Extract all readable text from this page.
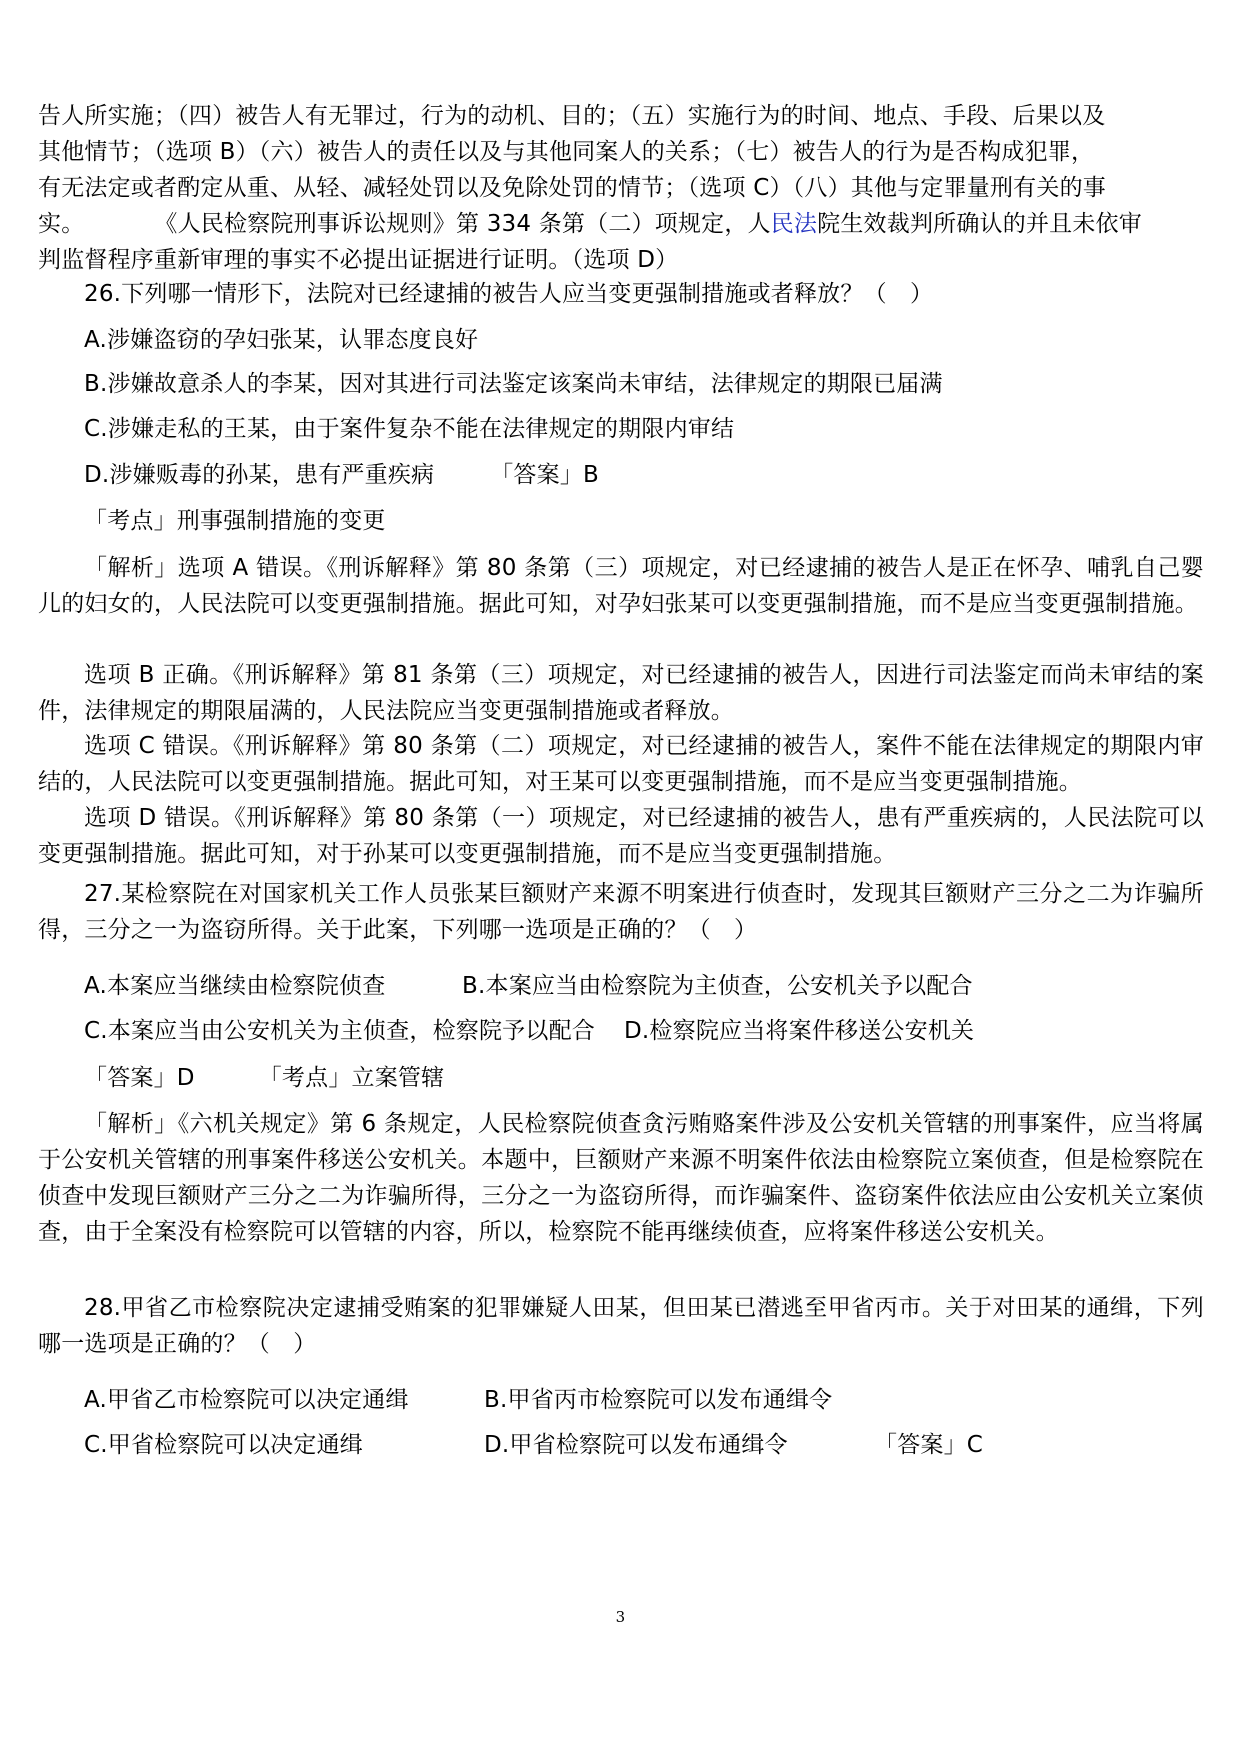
告人所实施；（四）被告人有无罪过，行为的动机、目的；（五）实施行为的时间、地点、手段、后果以及
其他情节；（选项 B）（六）被告人的责任以及与其他同案人的关系；（七）被告人的行为是否构成犯罪，
有无法定或者酌定从重、从轻、减轻处罚以及免除处罚的情节；（选项 C）（八）其他与定罪量刑有关的事
实。	《人民检察院刑事诉讼规则》第 334 条第（二）项规定，人民法院生效裁判所确认的并且未依审
判监督程序重新审理的事实不必提出证据进行证明。（选项 D）
26.下列哪一情形下，法院对已经逮捕的被告人应当变更强制措施或者释放？（　）
A.涉嫌盗窃的孕妇张某，认罪态度良好
B.涉嫌故意杀人的李某，因对其进行司法鉴定该案尚未审结，法律规定的期限已届满
C.涉嫌走私的王某，由于案件复杂不能在法律规定的期限内审结
D.涉嫌贩毒的孙某，患有严重疾病 「答案」B
「考点」刑事强制措施的变更
「解析」选项 A 错误。《刑诉解释》第 80 条第（三）项规定，对已经逮捕的被告人是正在怀孕、哺乳自己婴儿的妇女的，人民法院可以变更强制措施。据此可知，对孕妇张某可以变更强制措施，而不是应当变更强制措施。
选项 B 正确。《刑诉解释》第 81 条第（三）项规定，对已经逮捕的被告人，因进行司法鉴定而尚未审结的案件，法律规定的期限届满的，人民法院应当变更强制措施或者释放。
选项 C 错误。《刑诉解释》第 80 条第（二）项规定，对已经逮捕的被告人，案件不能在法律规定的期限内审结的，人民法院可以变更强制措施。据此可知，对王某可以变更强制措施，而不是应当变更强制措施。
选项 D 错误。《刑诉解释》第 80 条第（一）项规定，对已经逮捕的被告人，患有严重疾病的，人民法院可以变更强制措施。据此可知，对于孙某可以变更强制措施，而不是应当变更强制措施。
27.某检察院在对国家机关工作人员张某巨额财产来源不明案进行侦查时，发现其巨额财产三分之二为诈骗所得，三分之一为盗窃所得。关于此案，下列哪一选项是正确的？（　）
A.本案应当继续由检察院侦查	B.本案应当由检察院为主侦查，公安机关予以配合
C.本案应当由公安机关为主侦查，检察院予以配合 D.检察院应当将案件移送公安机关
「答案」D	「考点」立案管辖
「解析」《六机关规定》第 6 条规定，人民检察院侦查贪污贿赂案件涉及公安机关管辖的刑事案件，应当将属于公安机关管辖的刑事案件移送公安机关。本题中，巨额财产来源不明案件依法由检察院立案侦查，但是检察院在侦查中发现巨额财产三分之二为诈骗所得，三分之一为盗窃所得，而诈骗案件、盗窃案件依法应由公安机关立案侦查，由于全案没有检察院可以管辖的内容，所以，检察院不能再继续侦查，应将案件移送公安机关。
28.甲省乙市检察院决定逮捕受贿案的犯罪嫌疑人田某，但田某已潜逃至甲省丙市。关于对田某的通缉，下列哪一选项是正确的？（　）
A.甲省乙市检察院可以决定通缉	B.甲省丙市检察院可以发布通缉令
C.甲省检察院可以决定通缉	D.甲省检察院可以发布通缉令	「答案」C
3
